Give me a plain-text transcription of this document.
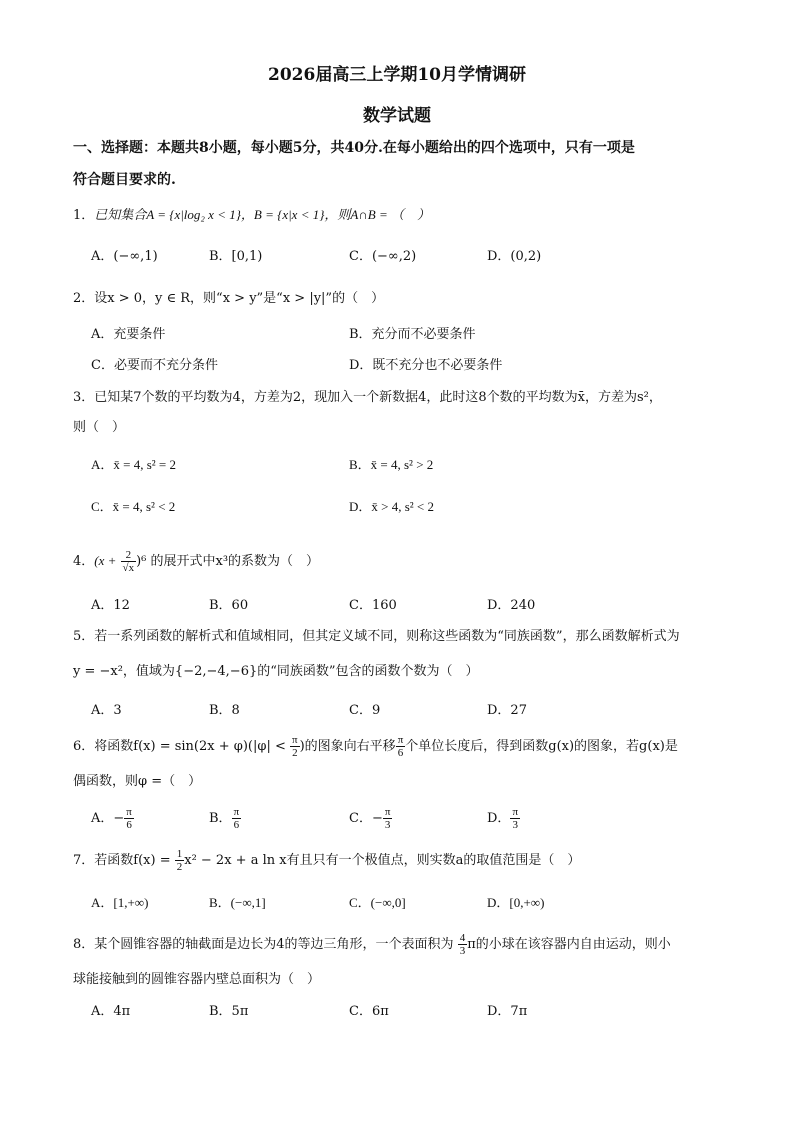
2026届高三上学期10月学情调研
数学试题
一、选择题：本题共8小题，每小题5分，共40分.在每小题给出的四个选项中，只有一项是
符合题目要求的.
1．已知集合A = {x|log₂ x < 1}，B = {x|x < 1}，则A∩B = （　）
A．(−∞,1)	B．[0,1)	C．(−∞,2)	D．(0,2)
2．设x > 0，y ∈ R，则“x > y”是“x > |y|”的（　）
A．充要条件	B．充分而不必要条件
C．必要而不充分条件	D．既不充分也不必要条件
3．已知某7个数的平均数为4，方差为2，现加入一个新数据4，此时这8个数的平均数为x̄，方差为s²，
则（　）
A．x̄ = 4, s² = 2	B．x̄ = 4, s² > 2
C．x̄ = 4, s² < 2	D．x̄ > 4, s² < 2
4．$(x + \frac{2}{√x} )^6$ 的展开式中x³的系数为（　）
A．12	B．60	C．160	D．240
5．若一系列函数的解析式和值域相同，但其定义域不同，则称这些函数为“同族函数”，那么函数解析式为
y = −x²，值域为{−2,−4,−6}的“同族函数”包含的函数个数为（　）
A．3	B．8	C．9	D．27
6．将函数$f(x) = \sin(2x + \varphi)(|\varphi| < \frac{\pi}{2}$ )的图象向右平移 $\frac{\pi}{6}$ 个单位长度后，得到函数g(x)的图象，若g(x)是
偶函数，则φ =（　）
A．− $\frac{\pi}{6}$	B． $\frac{\pi}{6}$	C．− $\frac{\pi}{3}$	D． $\frac{\pi}{3}$
7．若函数$f(x) = \frac{1}{2} x^2 - 2x + a$ ln x有且只有一个极值点，则实数a的取值范围是（　）
A．[1,+∞)	B．(−∞,1]	C．(−∞,0]	D．[0,+∞)
8．某个圆锥容器的轴截面是边长为4的等边三角形，一个表面积为 $\frac{4}{3}$ π的小球在该容器内自由运动，则小
球能接触到的圆锥容器内壁总面积为（　）
A．4π	B．5π	C．6π	D．7π
